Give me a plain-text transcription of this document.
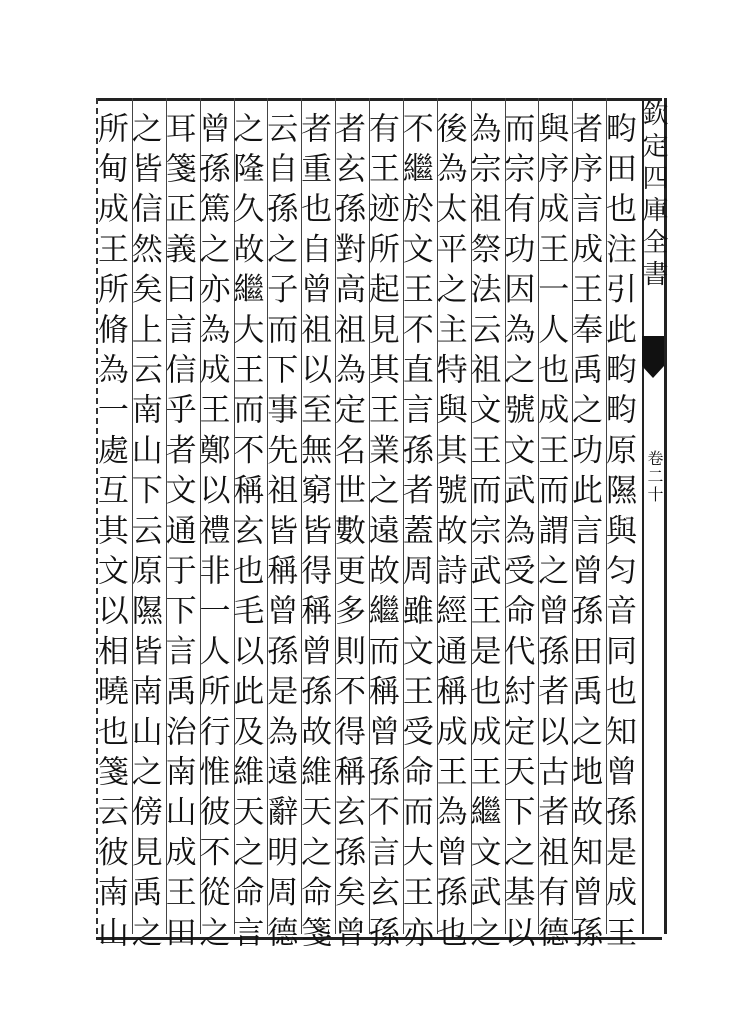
欽定四庫全書
卷二十
畇田也注引此畇畇原隰與匀音同也知曾孫是成王
者序言成王奉禹之功此言曾孫田禹之地故知曾孫
與序成王一人也成王而謂之曾孫者以古者祖有德
而宗有功因為之號文武為受命代紂定天下之基以
為宗祖祭法云祖文王而宗武王是也成王繼文武之
後為太平之主特與其號故詩經通稱成王為曾孫也
不繼於文王不直言孫者蓋周雖文王受命而大王亦
有王迹所起見其王業之遠故繼而稱曾孫不言玄孫
者玄孫對高祖為定名世數更多則不得稱玄孫矣曾
者重也自曾祖以至無窮皆得稱曾孫故維天之命箋
云自孫之子而下事先祖皆稱曾孫是為遠辭明周德
之隆久故繼大王而不稱玄也毛以此及維天之命言
曾孫篤之亦為成王鄭以禮非一人所行惟彼不從之
耳箋正義曰言信乎者文通于下言禹治南山成王田
之皆信然矣上云南山下云原隰皆南山之傍見禹之
所甸成王所脩為一處互其文以相曉也箋云彼南山
